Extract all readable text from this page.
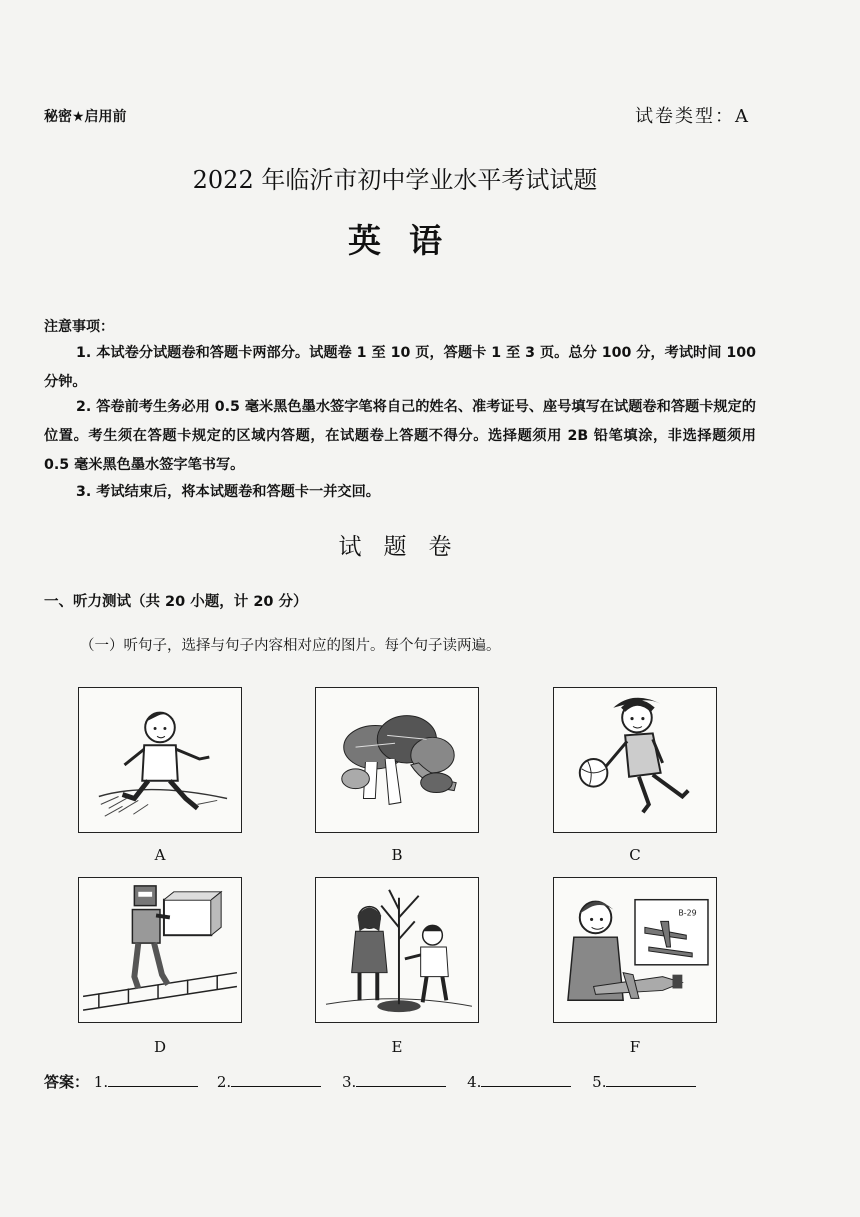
秘密★启用前	试卷类型：A
2022 年临沂市初中学业水平考试试题
英语
注意事项：
1. 本试卷分试题卷和答题卡两部分。试题卷 1 至 10 页，答题卡 1 至 3 页。总分 100 分，考试时间 100 分钟。
2. 答卷前考生务必用 0.5 毫米黑色墨水签字笔将自己的姓名、准考证号、座号填写在试题卷和答题卡规定的位置。考生须在答题卡规定的区域内答题，在试题卷上答题不得分。选择题须用 2B 铅笔填涂，非选择题须用 0.5 毫米黑色墨水签字笔书写。
3. 考试结束后，将本试题卷和答题卡一并交回。
试题卷
一、听力测试（共 20 小题，计 20 分）
（一）听句子，选择与句子内容相对应的图片。每个句子读两遍。
A	B	C
D	E
B-29
F
答案： 1.	2.	3.	4.	5.
